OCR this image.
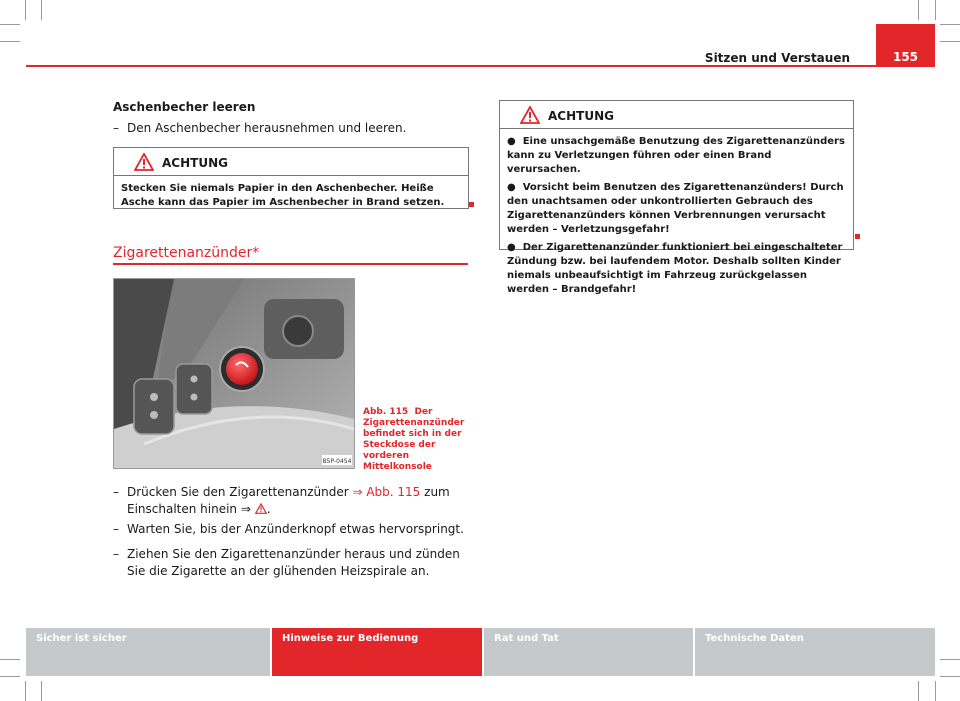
Sitzen und Verstauen	155
Aschenbecher leeren
– Den Aschenbecher herausnehmen und leeren.
ACHTUNG
Stecken Sie niemals Papier in den Aschenbecher. Heiße Asche kann das Papier im Aschenbecher in Brand setzen.
Zigarettenanzünder*
B5P-0454
Abb. 115 Der Zigarettenanzünder befindet sich in der Steckdose der vorderen Mittelkonsole
– Drücken Sie den Zigarettenanzünder ⇒ Abb. 115 zum Einschalten hinein ⇒ .
– Warten Sie, bis der Anzünderknopf etwas hervorspringt.
– Ziehen Sie den Zigarettenanzünder heraus und zünden Sie die Zigarette an der glühenden Heizspirale an.
ACHTUNG

● Eine unsachgemäße Benutzung des Zigarettenanzünders kann zu Verletzungen führen oder einen Brand verursachen.

● Vorsicht beim Benutzen des Zigarettenanzünders! Durch den unachtsamen oder unkontrollierten Gebrauch des Zigarettenanzünders können Verbrennungen verursacht werden – Verletzungsgefahr!

● Der Zigarettenanzünder funktioniert bei eingeschalteter Zündung bzw. bei laufendem Motor. Deshalb sollten Kinder niemals unbeaufsichtigt im Fahrzeug zurückgelassen werden – Brandgefahr!

Sicher ist sicher	Hinweise zur Bedienung	Rat und Tat	Technische Daten
